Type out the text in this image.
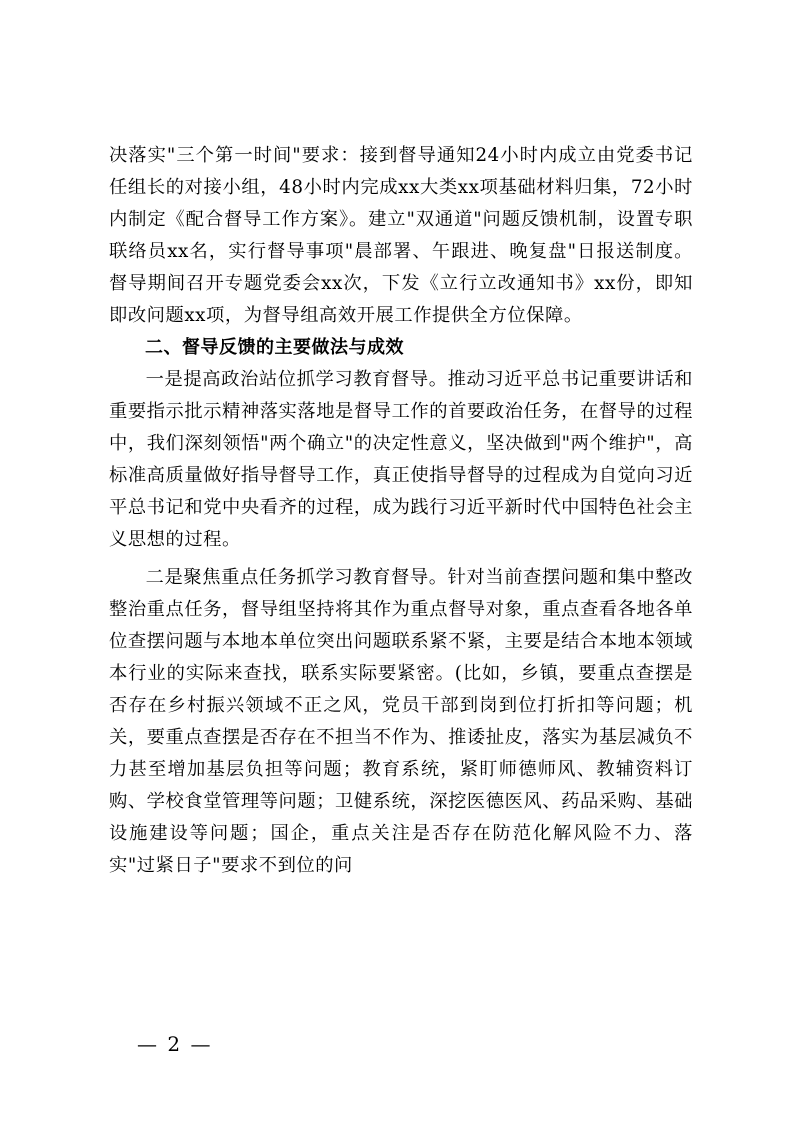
决落实"三个第一时间"要求：接到督导通知24小时内成立由党委书记任组长的对接小组，48小时内完成xx大类xx项基础材料归集，72小时内制定《配合督导工作方案》。建立"双通道"问题反馈机制，设置专职联络员xx名，实行督导事项"晨部署、午跟进、晚复盘"日报送制度。督导期间召开专题党委会xx次，下发《立行立改通知书》xx份，即知即改问题xx项，为督导组高效开展工作提供全方位保障。

二、督导反馈的主要做法与成效

一是提高政治站位抓学习教育督导。推动习近平总书记重要讲话和重要指示批示精神落实落地是督导工作的首要政治任务，在督导的过程中，我们深刻领悟"两个确立"的决定性意义，坚决做到"两个维护"，高标准高质量做好指导督导工作，真正使指导督导的过程成为自觉向习近平总书记和党中央看齐的过程，成为践行习近平新时代中国特色社会主义思想的过程。

二是聚焦重点任务抓学习教育督导。针对当前查摆问题和集中整改整治重点任务，督导组坚持将其作为重点督导对象，重点查看各地各单位查摆问题与本地本单位突出问题联系紧不紧，主要是结合本地本领域本行业的实际来查找，联系实际要紧密。(比如，乡镇，要重点查摆是否存在乡村振兴领域不正之风，党员干部到岗到位打折扣等问题；机关，要重点查摆是否存在不担当不作为、推诿扯皮，落实为基层减负不力甚至增加基层负担等问题；教育系统，紧盯师德师风、教辅资料订购、学校食堂管理等问题；卫健系统，深挖医德医风、药品采购、基础设施建设等问题；国企，重点关注是否存在防范化解风险不力、落实"过紧日子"要求不到位的问

— 2 —
